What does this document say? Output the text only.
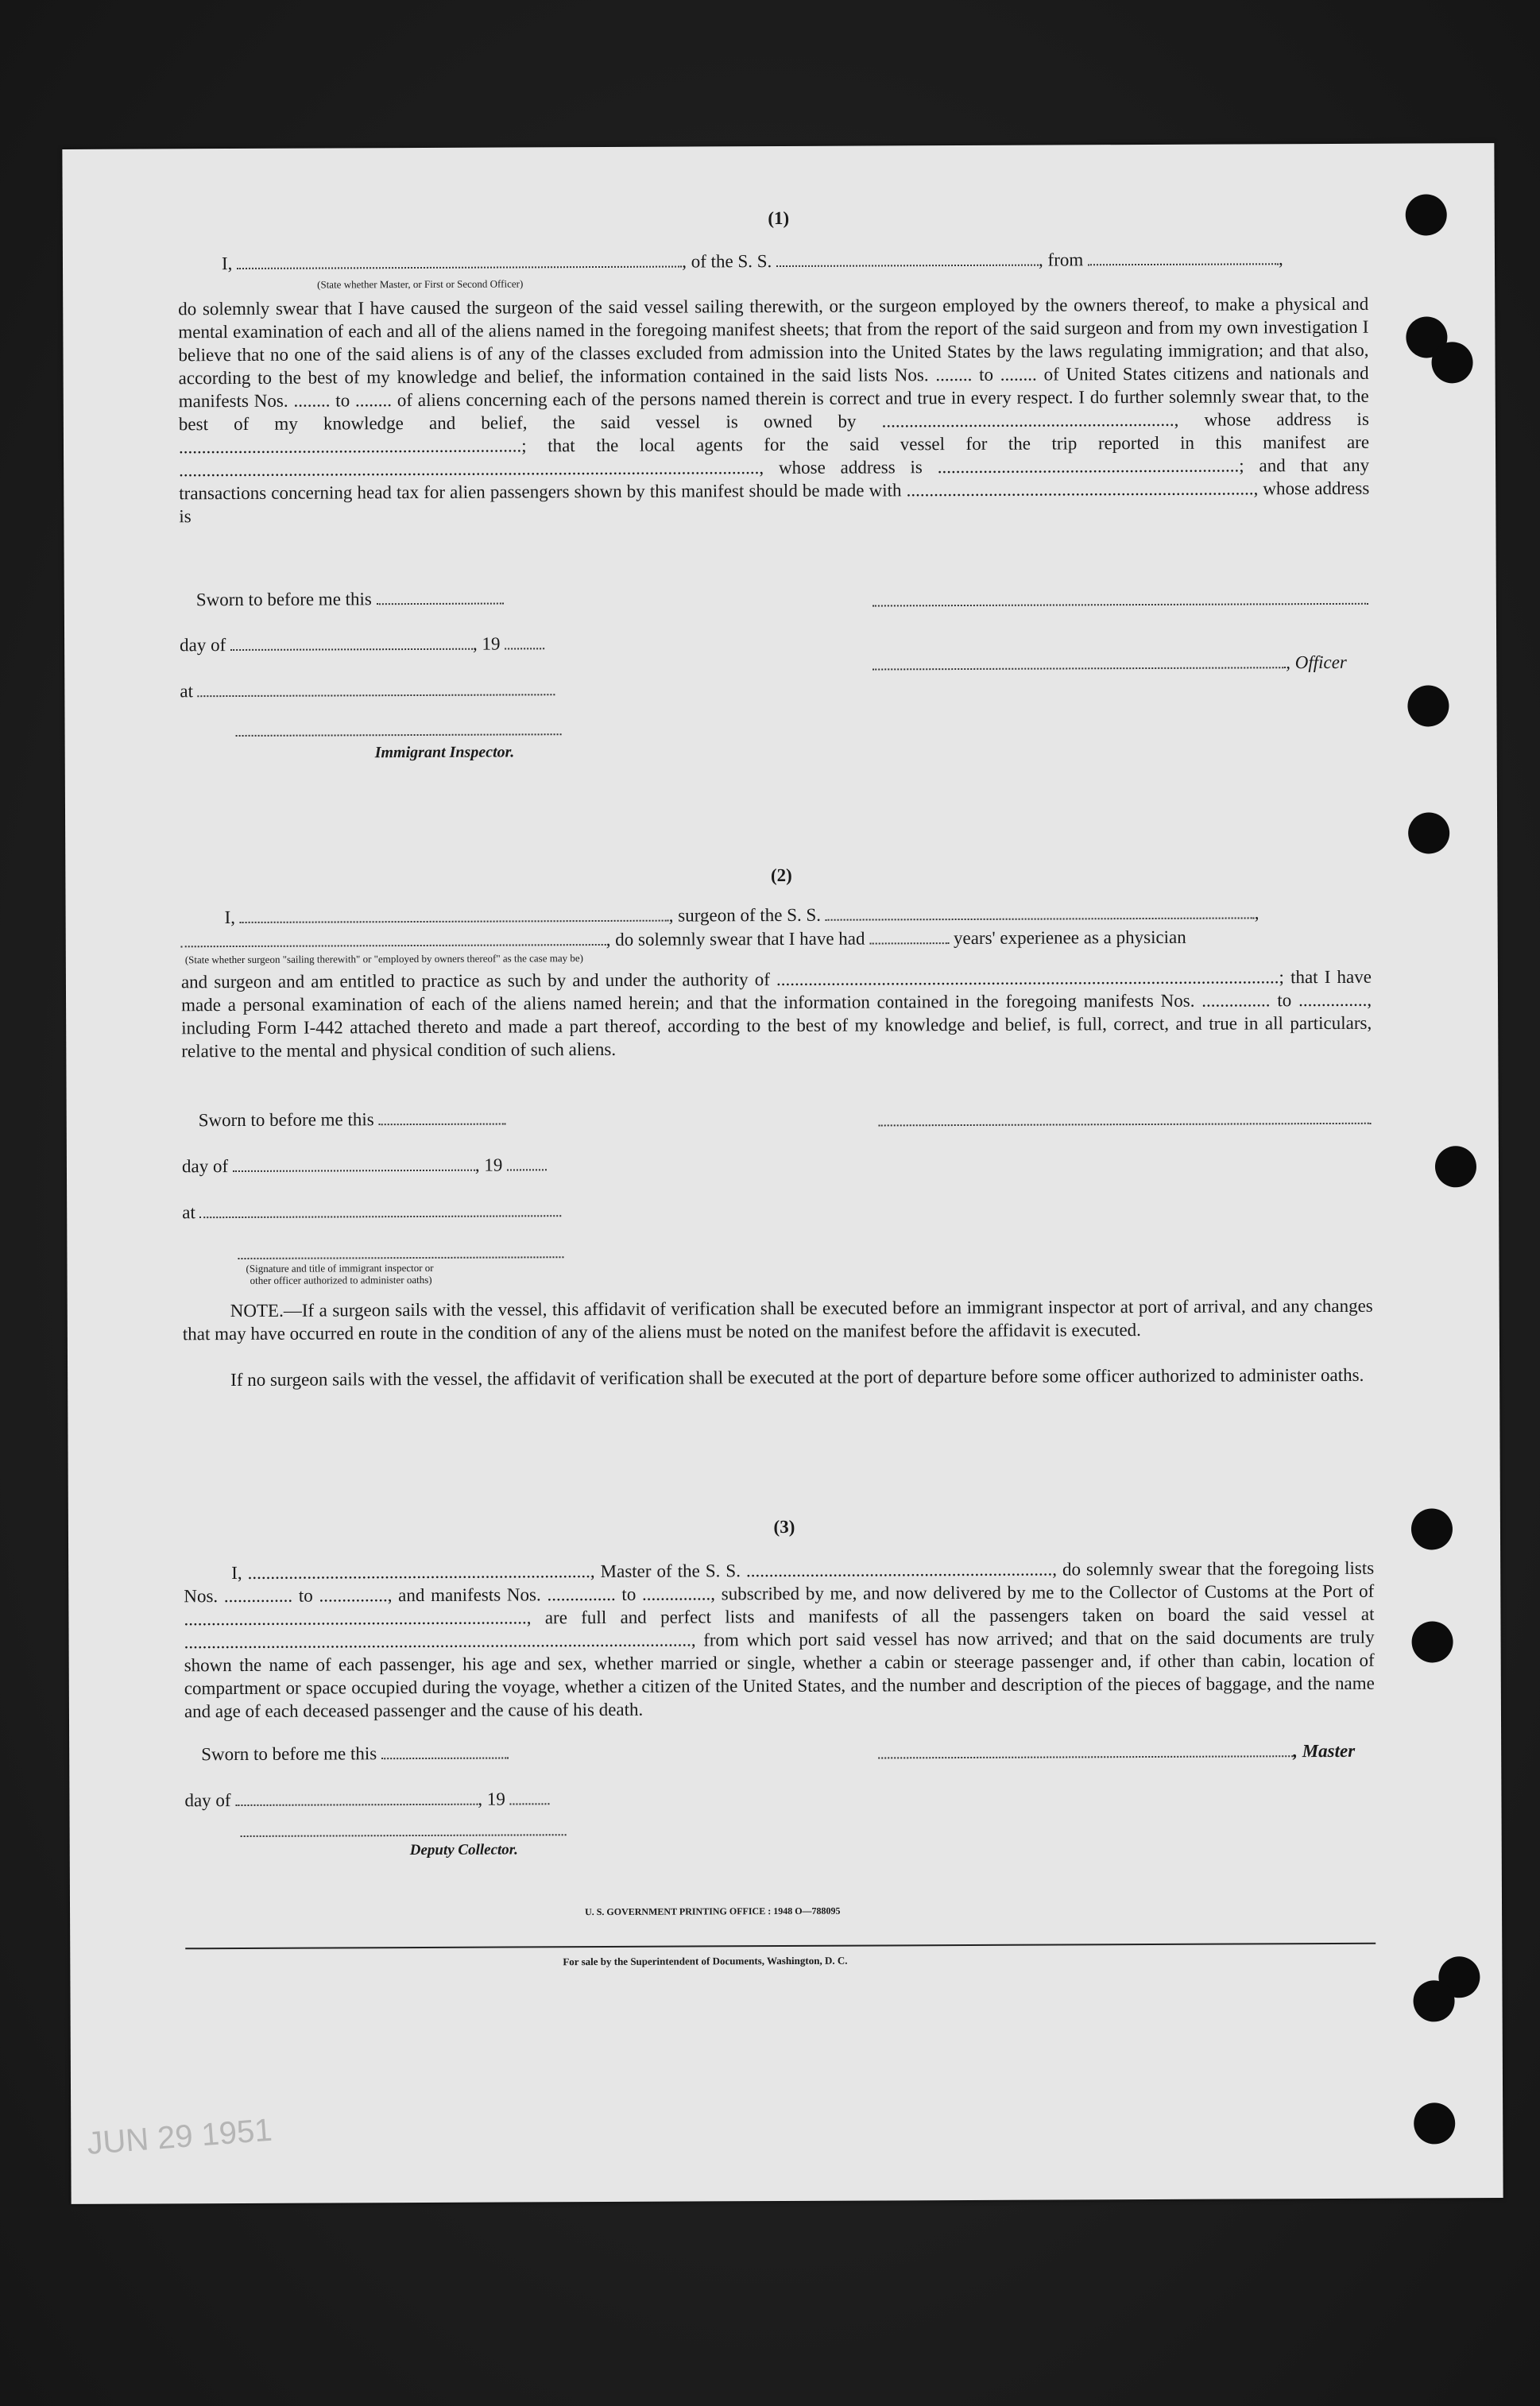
(1)
I,	, of the S. S.	, from	,
(State whether Master, or First or Second Officer)
do solemnly swear that I have caused the surgeon of the said vessel sailing therewith, or the surgeon employed by the owners thereof, to make a physical and mental examination of each and all of the aliens named in the foregoing manifest sheets; that from the report of the said surgeon and from my own investigation I believe that no one of the said aliens is of any of the classes excluded from admission into the United States by the laws regulating immigration; and that also, according to the best of my knowledge and belief, the information contained in the said lists Nos. ........ to ........ of United States citizens and nationals and manifests Nos. ........ to ........ of aliens concerning each of the persons named therein is correct and true in every respect. I do further solemnly swear that, to the best of my knowledge and belief, the said vessel is owned by ................................................................, whose address is ...........................................................................; that the local agents for the said vessel for the trip reported in this manifest are ..............................................................................................................................., whose address is ..................................................................; and that any transactions concerning head tax for alien passengers shown by this manifest should be made with ............................................................................, whose address is
Sworn to before me this
day of	, 19
, Officer
at
Immigrant Inspector.
(2)
I,	, surgeon of the S. S.	,
, do solemnly swear that I have had	years' experienee as a physician
(State whether surgeon "sailing therewith" or "employed by owners thereof" as the case may be)
and surgeon and am entitled to practice as such by and under the authority of ..............................................................................................................; that I have made a personal examination of each of the aliens named herein; and that the information contained in the foregoing manifests Nos. ............... to ..............., including Form I-442 attached thereto and made a part thereof, according to the best of my knowledge and belief, is full, correct, and true in all particulars, relative to the mental and physical condition of such aliens.
Sworn to before me this
day of	, 19
at
(Signature and title of immigrant inspector or
other officer authorized to administer oaths)
NOTE.—If a surgeon sails with the vessel, this affidavit of verification shall be executed before an immigrant inspector at port of arrival, and any changes that may have occurred en route in the condition of any of the aliens must be noted on the manifest before the affidavit is executed.
If no surgeon sails with the vessel, the affidavit of verification shall be executed at the port of departure before some officer authorized to administer oaths.
(3)
I, ..........................................................................., Master of the S. S. ..................................................................., do solemnly swear that the foregoing lists Nos. ............... to ..............., and manifests Nos. ............... to ..............., subscribed by me, and now delivered by me to the Collector of Customs at the Port of ..........................................................................., are full and perfect lists and manifests of all the passengers taken on board the said vessel at ..............................................................................................................., from which port said vessel has now arrived; and that on the said documents are truly shown the name of each passenger, his age and sex, whether married or single, whether a cabin or steerage passenger and, if other than cabin, location of compartment or space occupied during the voyage, whether a citizen of the United States, and the number and description of the pieces of baggage, and the name and age of each deceased passenger and the cause of his death.
Sworn to before me this	, Master
day of	, 19
Deputy Collector.
U. S. GOVERNMENT PRINTING OFFICE : 1948 O—788095
For sale by the Superintendent of Documents, Washington, D. C.
JUN 29 1951
